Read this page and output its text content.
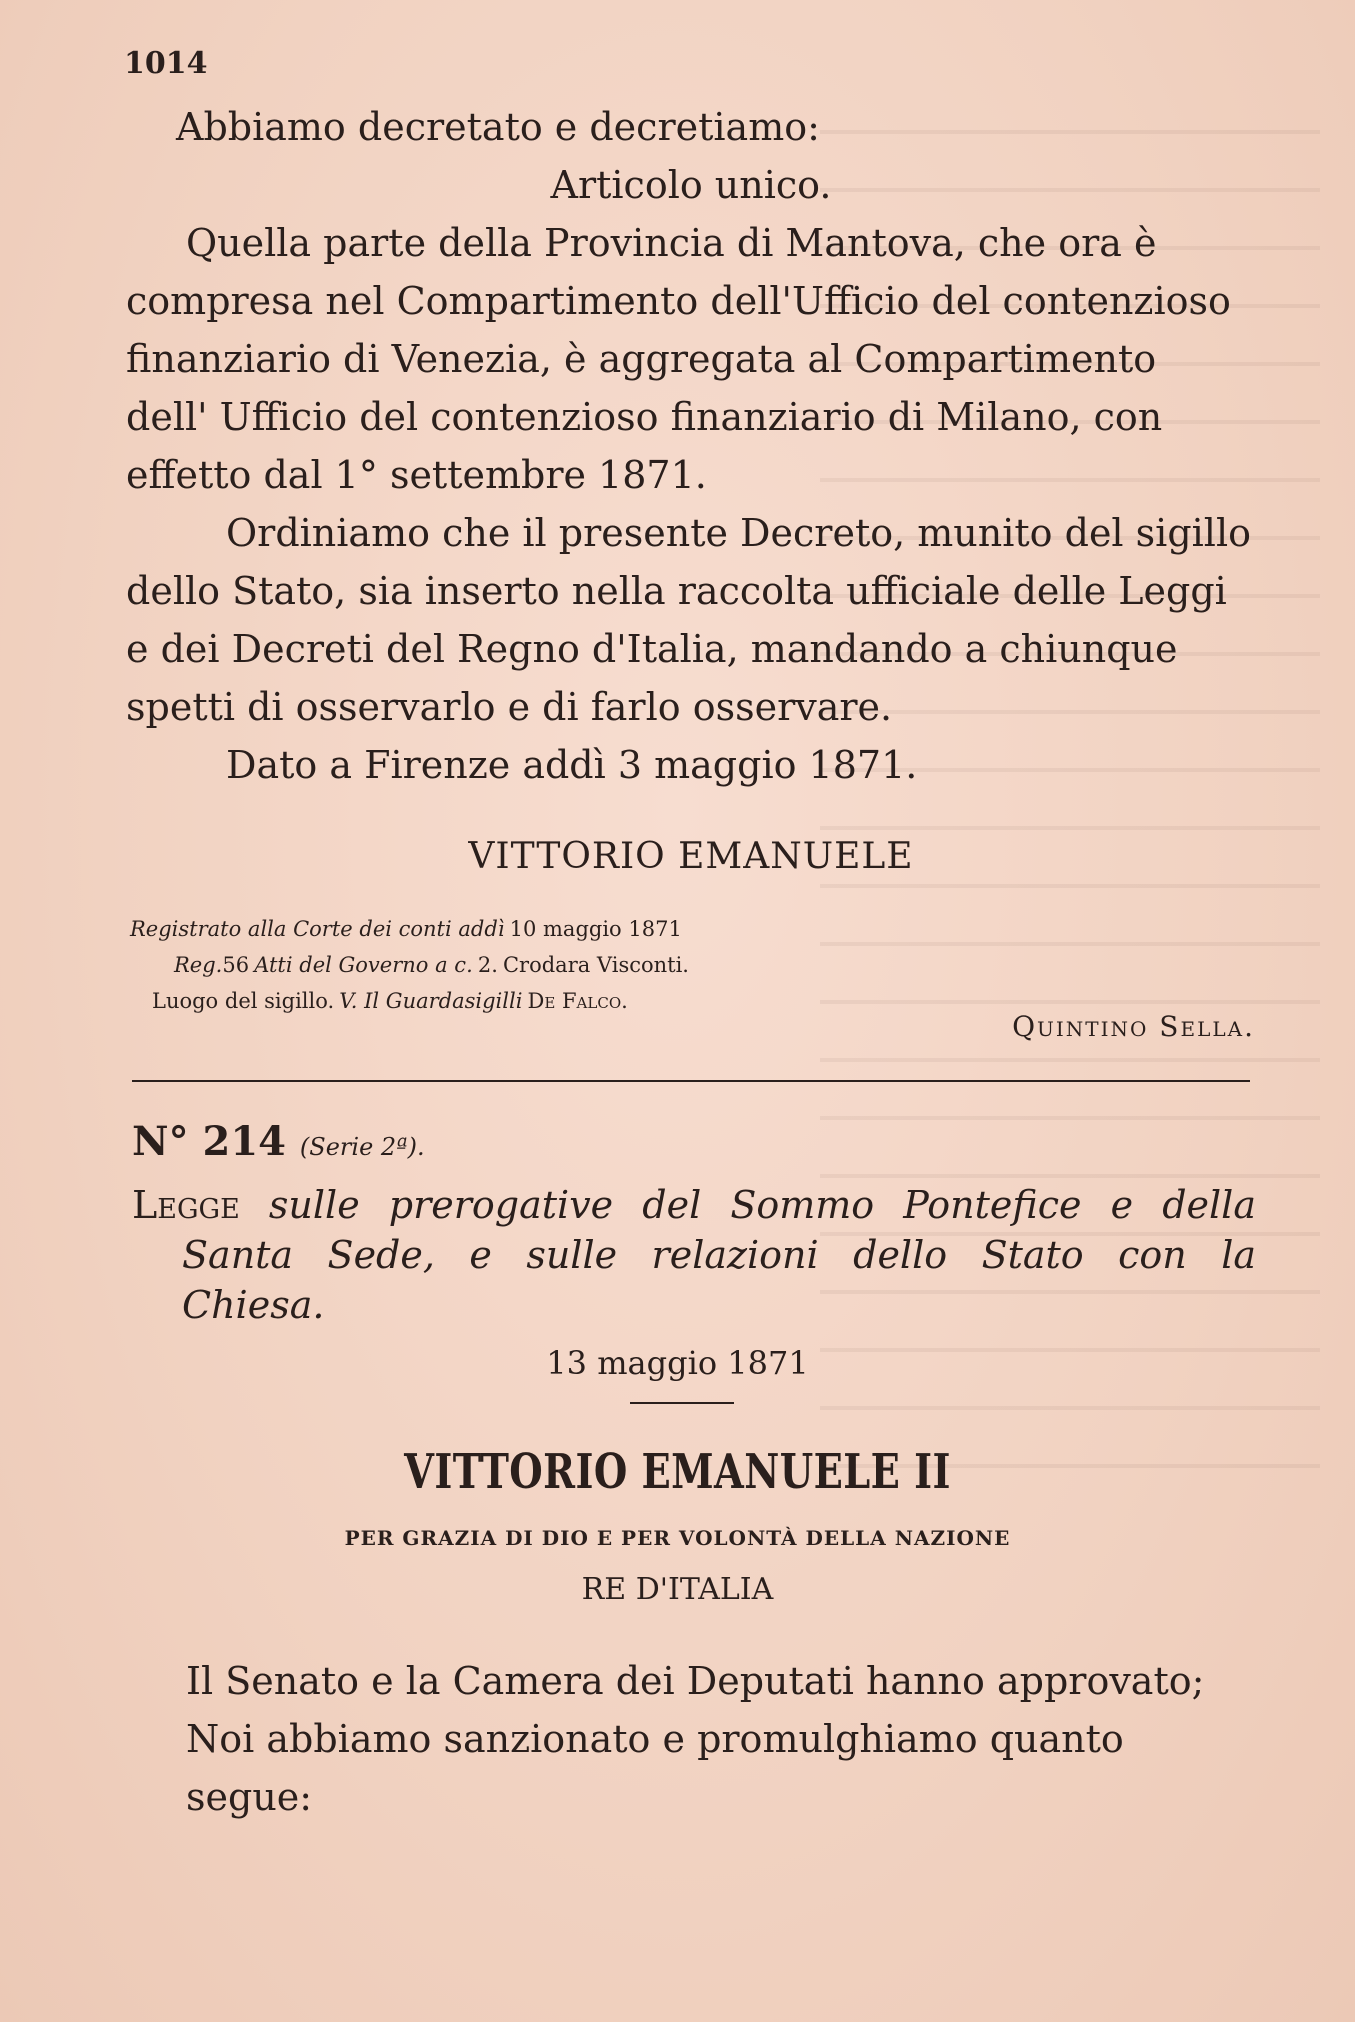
1014

Abbiamo decretato e decretiamo:

Articolo unico.

Quella parte della Provincia di Mantova, che ora è

compresa nel Compartimento dell'Ufficio del contenzioso

finanziario di Venezia, è aggregata al Compartimento

dell' Ufficio del contenzioso finanziario di Milano, con

effetto dal 1° settembre 1871.

Ordiniamo che il presente Decreto, munito del sigillo

dello Stato, sia inserto nella raccolta ufficiale delle Leggi

e dei Decreti del Regno d'Italia, mandando a chiunque

spetti di osservarlo e di farlo osservare.

Dato a Firenze addì 3 maggio 1871.

VITTORIO EMANUELE
Registrato alla Corte dei conti addì 10 maggio 1871
Reg.56 Atti del Governo a c. 2. Crodara Visconti.
Luogo del sigillo. V. Il Guardasigilli De Falco.
Quintino Sella.
N° 214 (Serie 2ª).
Legge sulle prerogative del Sommo Pontefice e della
Santa Sede, e sulle relazioni dello Stato con la
Chiesa.
13 maggio 1871
VITTORIO EMANUELE II
PER GRAZIA DI DIO E PER VOLONTÀ DELLA NAZIONE
RE D'ITALIA
Il Senato e la Camera dei Deputati hanno approvato;
Noi abbiamo sanzionato e promulghiamo quanto segue:
